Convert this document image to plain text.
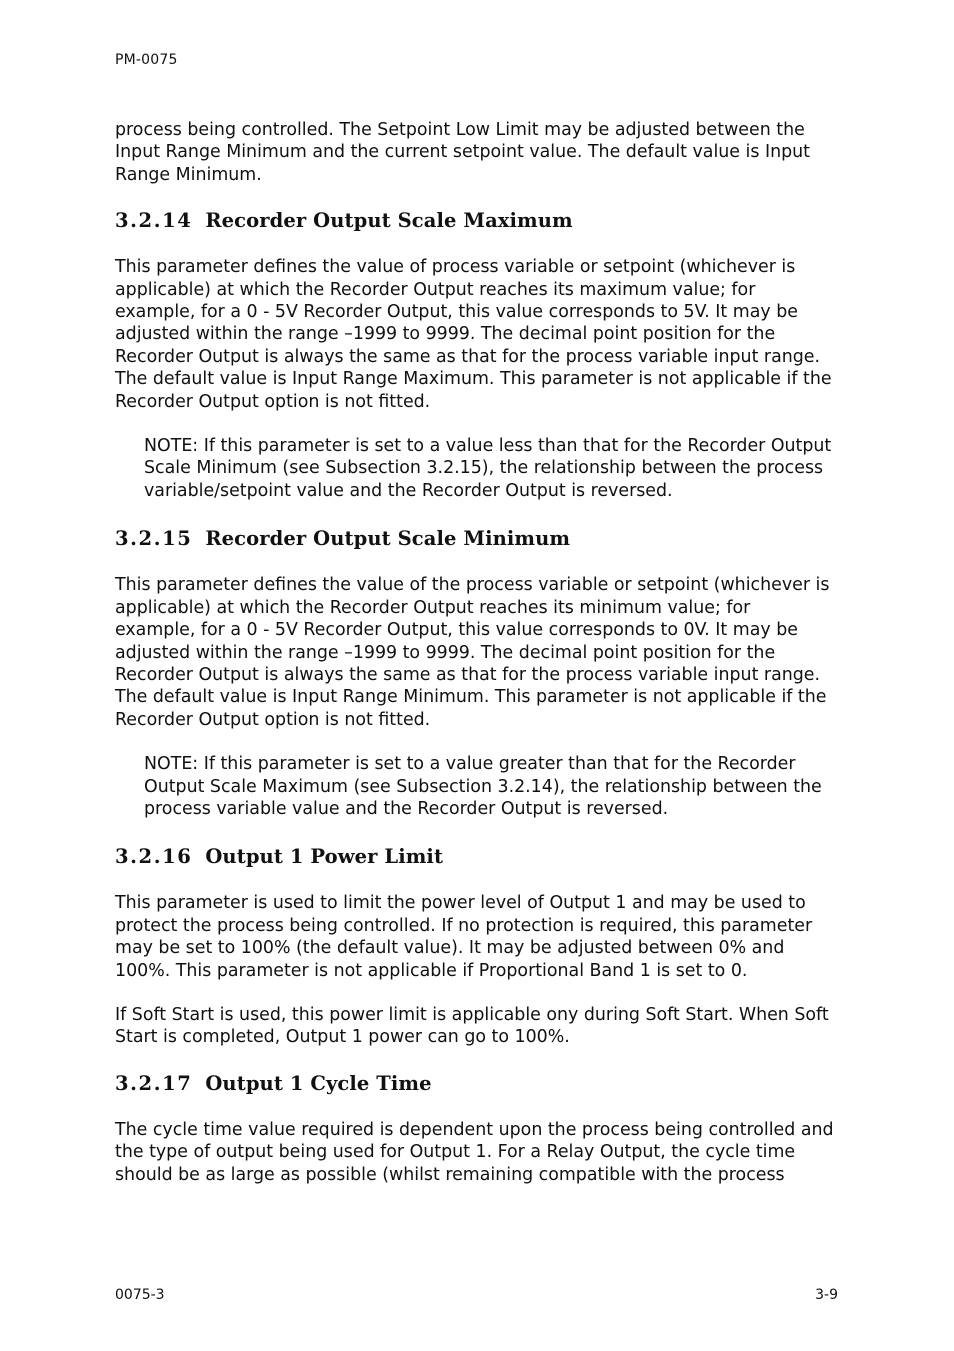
PM-0075

process being controlled. The Setpoint Low Limit may be adjusted between the Input Range Minimum and the current setpoint value. The default value is Input Range Minimum.

3.2.14 Recorder Output Scale Maximum

This parameter defines the value of process variable or setpoint (whichever is applicable) at which the Recorder Output reaches its maximum value; for example, for a 0 - 5V Recorder Output, this value corresponds to 5V. It may be adjusted within the range –1999 to 9999. The decimal point position for the Recorder Output is always the same as that for the process variable input range. The default value is Input Range Maximum. This parameter is not applicable if the Recorder Output option is not fitted.

NOTE: If this parameter is set to a value less than that for the Recorder Output Scale Minimum (see Subsection 3.2.15), the relationship between the process variable/setpoint value and the Recorder Output is reversed.

3.2.15 Recorder Output Scale Minimum

This parameter defines the value of the process variable or setpoint (whichever is applicable) at which the Recorder Output reaches its minimum value; for example, for a 0 - 5V Recorder Output, this value corresponds to 0V. It may be adjusted within the range –1999 to 9999. The decimal point position for the Recorder Output is always the same as that for the process variable input range. The default value is Input Range Minimum. This parameter is not applicable if the Recorder Output option is not fitted.

NOTE: If this parameter is set to a value greater than that for the Recorder Output Scale Maximum (see Subsection 3.2.14), the relationship between the process variable value and the Recorder Output is reversed.

3.2.16 Output 1 Power Limit

This parameter is used to limit the power level of Output 1 and may be used to protect the process being controlled. If no protection is required, this parameter may be set to 100% (the default value). It may be adjusted between 0% and 100%. This parameter is not applicable if Proportional Band 1 is set to 0.

If Soft Start is used, this power limit is applicable ony during Soft Start. When Soft Start is completed, Output 1 power can go to 100%.

3.2.17 Output 1 Cycle Time

The cycle time value required is dependent upon the process being controlled and the type of output being used for Output 1. For a Relay Output, the cycle time should be as large as possible (whilst remaining compatible with the process

0075-3	3-9
